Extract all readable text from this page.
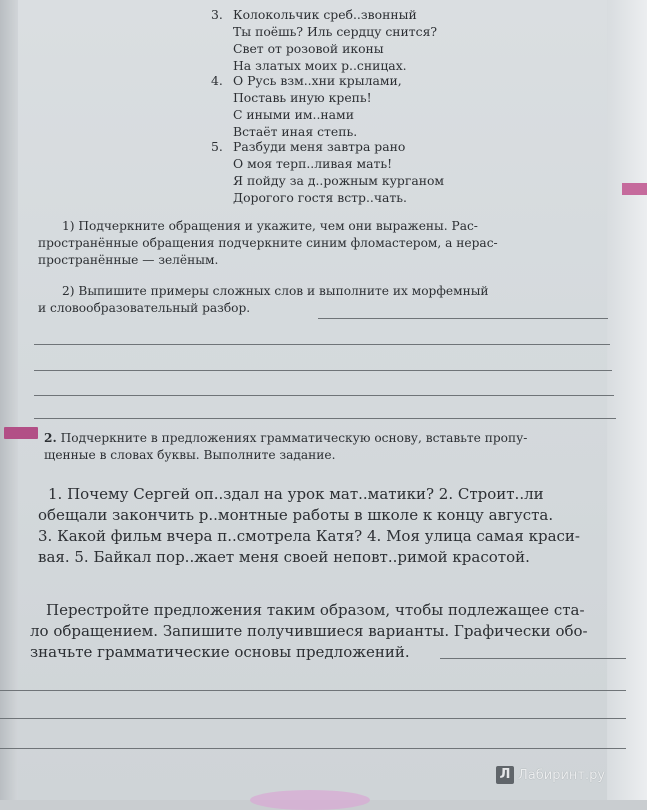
3. Колокольчик среб..звонный
Ты поёшь? Иль сердцу снится?
Свет от розовой иконы
На златых моих р..сницах.
4. О Русь взм..хни крылами,
Поставь иную крепь!
С иными им..нами
Встаёт иная степь.
5. Разбуди меня завтра рано
О моя терп..ливая мать!
Я пойду за д..рожным курганом
Дорогого гостя встр..чать.
1) Подчеркните обращения и укажите, чем они выражены. Рас-
пространённые обращения подчеркните синим фломастером, а нерас-
пространённые — зелёным.
2) Выпишите примеры сложных слов и выполните их морфемный
и словообразовательный разбор.
2. Подчеркните в предложениях грамматическую основу, вставьте пропу-
щенные в словах буквы. Выполните задание.
1. Почему Сергей оп..здал на урок мат..матики? 2. Строит..ли
обещали закончить р..монтные работы в школе к концу августа.
3. Какой фильм вчера п..смотрела Катя? 4. Моя улица самая краси-
вая. 5. Байкал пор..жает меня своей неповт..римой красотой.
Перестройте предложения таким образом, чтобы подлежащее ста-
ло обращением. Запишите получившиеся варианты. Графически обо-
значьте грамматические основы предложений.
Л Лабиринт.ру
